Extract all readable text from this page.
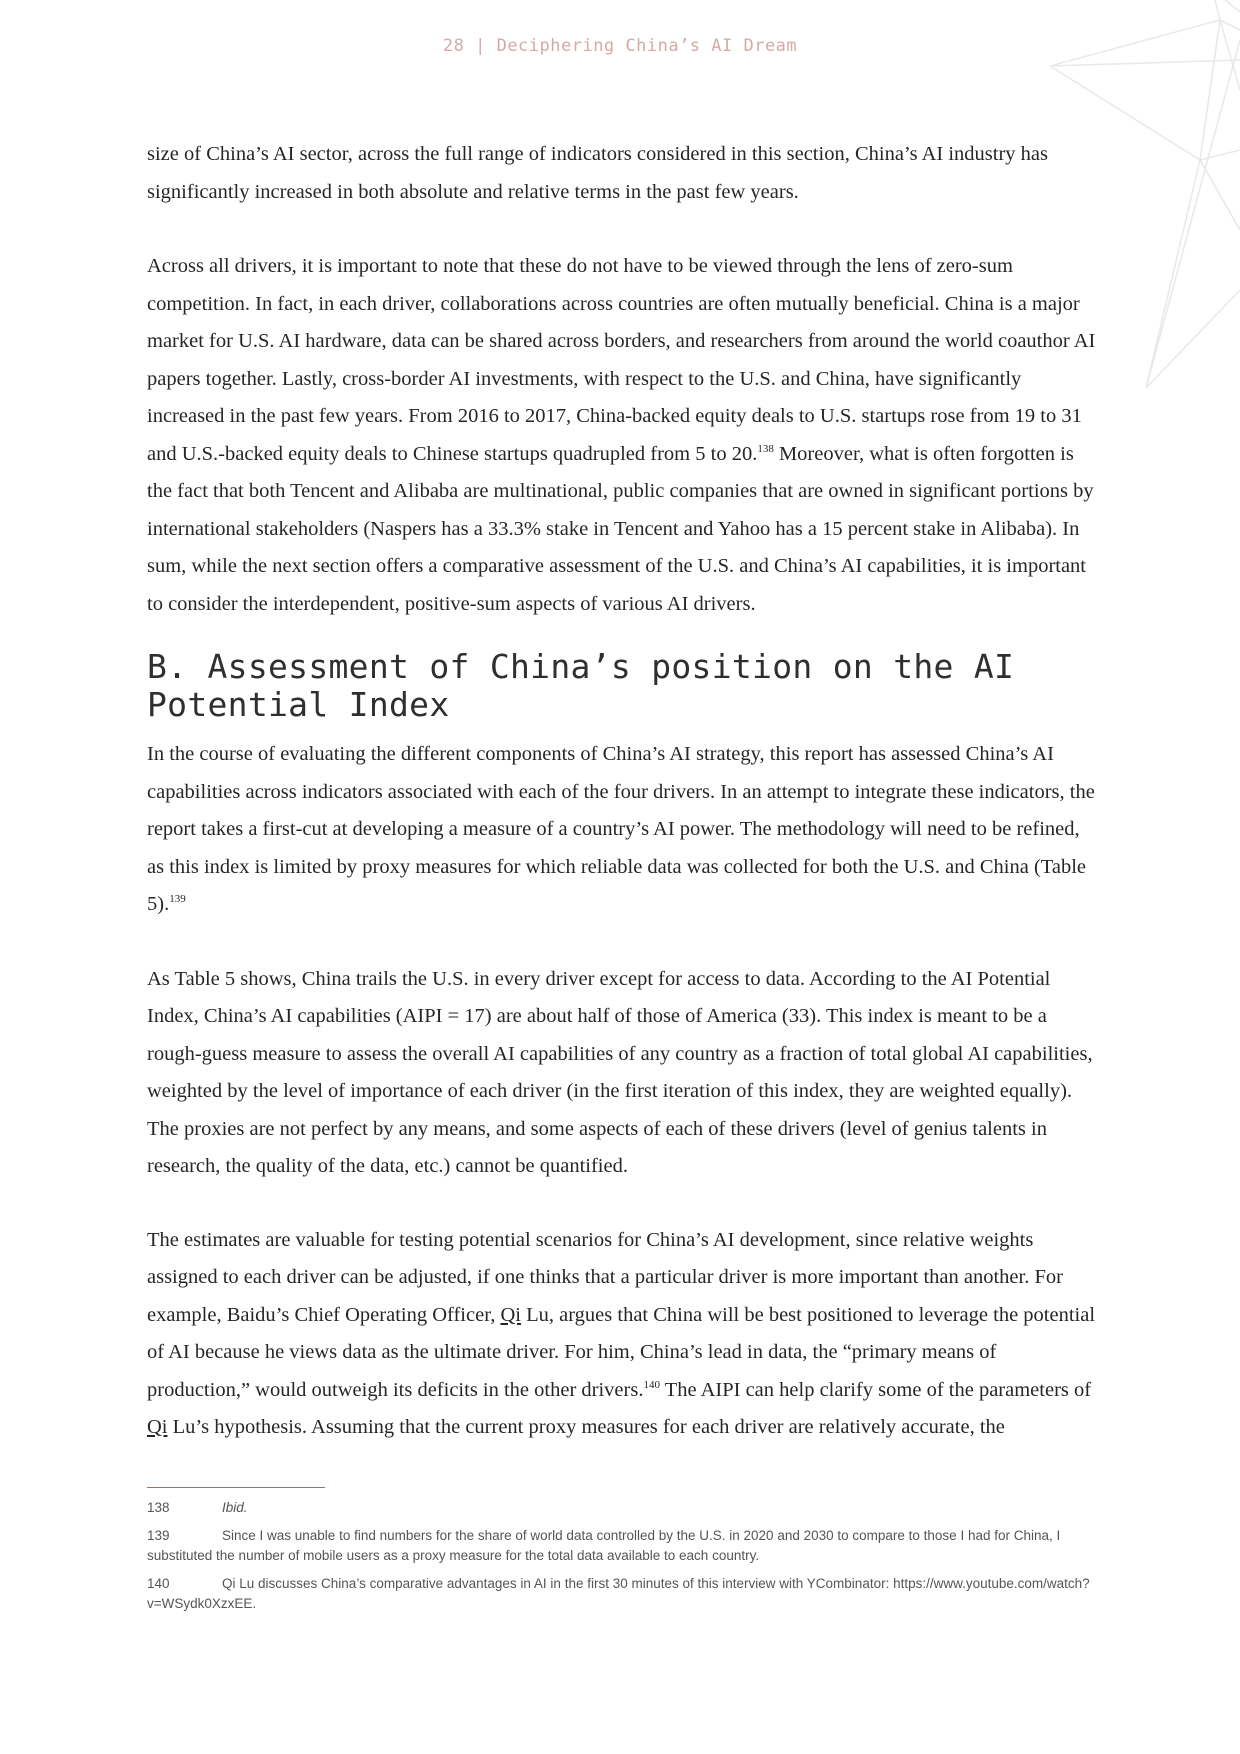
28 | Deciphering China’s AI Dream

size of China’s AI sector, across the full range of indicators considered in this section, China’s AI industry has significantly increased in both absolute and relative terms in the past few years.

Across all drivers, it is important to note that these do not have to be viewed through the lens of zero-sum competition. In fact, in each driver, collaborations across countries are often mutually beneficial. China is a major market for U.S. AI hardware, data can be shared across borders, and researchers from around the world coauthor AI papers together. Lastly, cross-border AI investments, with respect to the U.S. and China, have significantly increased in the past few years. From 2016 to 2017, China-backed equity deals to U.S. startups rose from 19 to 31 and U.S.-backed equity deals to Chinese startups quadrupled from 5 to 20.$^{138}$ Moreover, what is often forgotten is the fact that both Tencent and Alibaba are multinational, public companies that are owned in significant portions by international stakeholders (Naspers has a 33.3% stake in Tencent and Yahoo has a 15 percent stake in Alibaba). In sum, while the next section offers a comparative assessment of the U.S. and China’s AI capabilities, it is important to consider the interdependent, positive-sum aspects of various AI drivers.

B. Assessment of China’s position on the AI Potential Index

In the course of evaluating the different components of China’s AI strategy, this report has assessed China’s AI capabilities across indicators associated with each of the four drivers. In an attempt to integrate these indicators, the report takes a first-cut at developing a measure of a country’s AI power. The methodology will need to be refined, as this index is limited by proxy measures for which reliable data was collected for both the U.S. and China (Table 5).$^{139}$

As Table 5 shows, China trails the U.S. in every driver except for access to data. According to the AI Potential Index, China’s AI capabilities (AIPI = 17) are about half of those of America (33). This index is meant to be a rough-guess measure to assess the overall AI capabilities of any country as a fraction of total global AI capabilities, weighted by the level of importance of each driver (in the first iteration of this index, they are weighted equally). The proxies are not perfect by any means, and some aspects of each of these drivers (level of genius talents in research, the quality of the data, etc.) cannot be quantified.

The estimates are valuable for testing potential scenarios for China’s AI development, since relative weights assigned to each driver can be adjusted, if one thinks that a particular driver is more important than another. For example, Baidu’s Chief Operating Officer, Qi Lu, argues that China will be best positioned to leverage the potential of AI because he views data as the ultimate driver. For him, China’s lead in data, the “primary means of production,” would outweigh its deficits in the other drivers.$^{140}$ The AIPI can help clarify some of the parameters of Qi Lu’s hypothesis. Assuming that the current proxy measures for each driver are relatively accurate, the

138	Ibid.

139	Since I was unable to find numbers for the share of world data controlled by the U.S. in 2020 and 2030 to compare to those I had for China, I substituted the number of mobile users as a proxy measure for the total data available to each country.

140	Qi Lu discusses China’s comparative advantages in AI in the first 30 minutes of this interview with YCombinator: https://www.youtube.com/watch?v=WSydk0XzxEE.
